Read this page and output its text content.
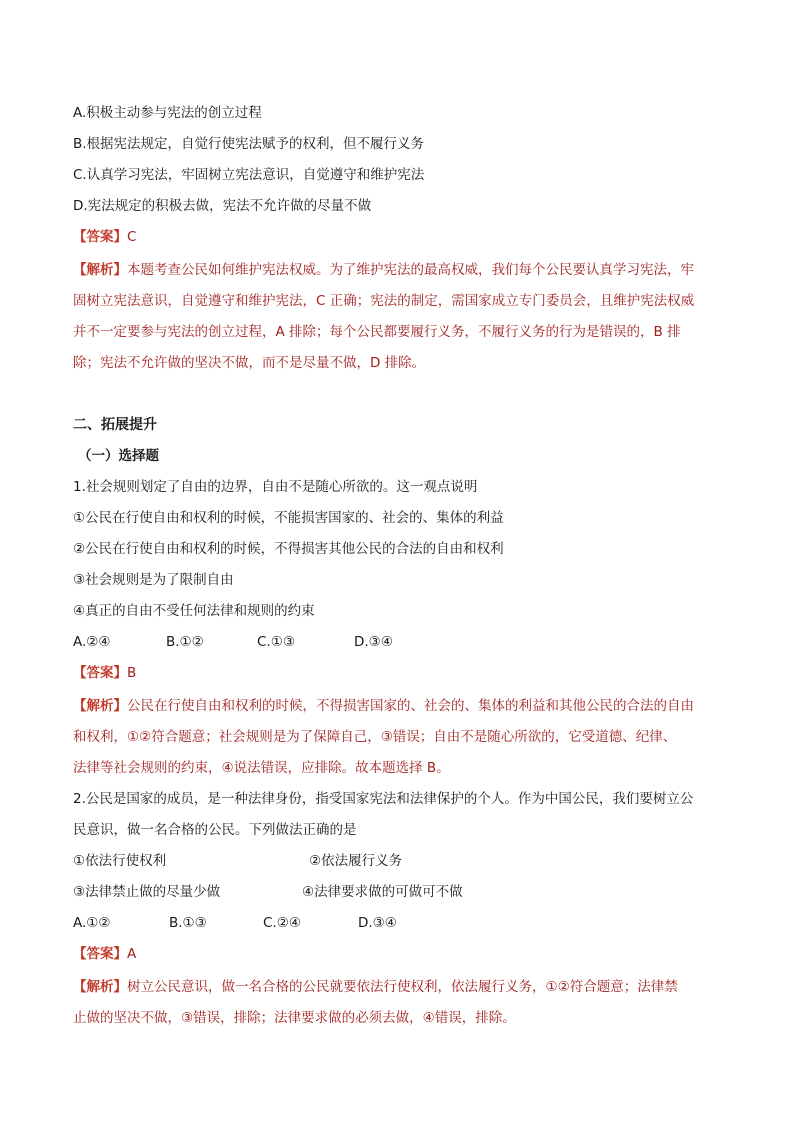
A.积极主动参与宪法的创立过程
B.根据宪法规定，自觉行使宪法赋予的权利，但不履行义务
C.认真学习宪法，牢固树立宪法意识，自觉遵守和维护宪法
D.宪法规定的积极去做，宪法不允许做的尽量不做
【答案】C
【解析】本题考查公民如何维护宪法权威。为了维护宪法的最高权威，我们每个公民要认真学习宪法，牢
固树立宪法意识，自觉遵守和维护宪法，C 正确；宪法的制定，需国家成立专门委员会，且维护宪法权威
并不一定要参与宪法的创立过程，A 排除；每个公民都要履行义务，不履行义务的行为是错误的，B 排
除；宪法不允许做的坚决不做，而不是尽量不做，D 排除。
二、拓展提升
（一）选择题
1.社会规则划定了自由的边界，自由不是随心所欲的。这一观点说明
①公民在行使自由和权利的时候，不能损害国家的、社会的、集体的利益
②公民在行使自由和权利的时候，不得损害其他公民的合法的自由和权利
③社会规则是为了限制自由
④真正的自由不受任何法律和规则的约束
A.②④	B.①②	C.①③	D.③④
【答案】B
【解析】公民在行使自由和权利的时候，不得损害国家的、社会的、集体的利益和其他公民的合法的自由
和权利，①②符合题意；社会规则是为了保障自己，③错误；自由不是随心所欲的，它受道德、纪律、
法律等社会规则的约束，④说法错误，应排除。故本题选择 B。
2.公民是国家的成员，是一种法律身份，指受国家宪法和法律保护的个人。作为中国公民，我们要树立公
民意识，做一名合格的公民。下列做法正确的是
①依法行使权利	②依法履行义务
③法律禁止做的尽量少做	④法律要求做的可做可不做
A.①②	B.①③	C.②④	D.③④
【答案】A
【解析】树立公民意识，做一名合格的公民就要依法行使权利，依法履行义务，①②符合题意；法律禁
止做的坚决不做，③错误，排除；法律要求做的必须去做，④错误，排除。
